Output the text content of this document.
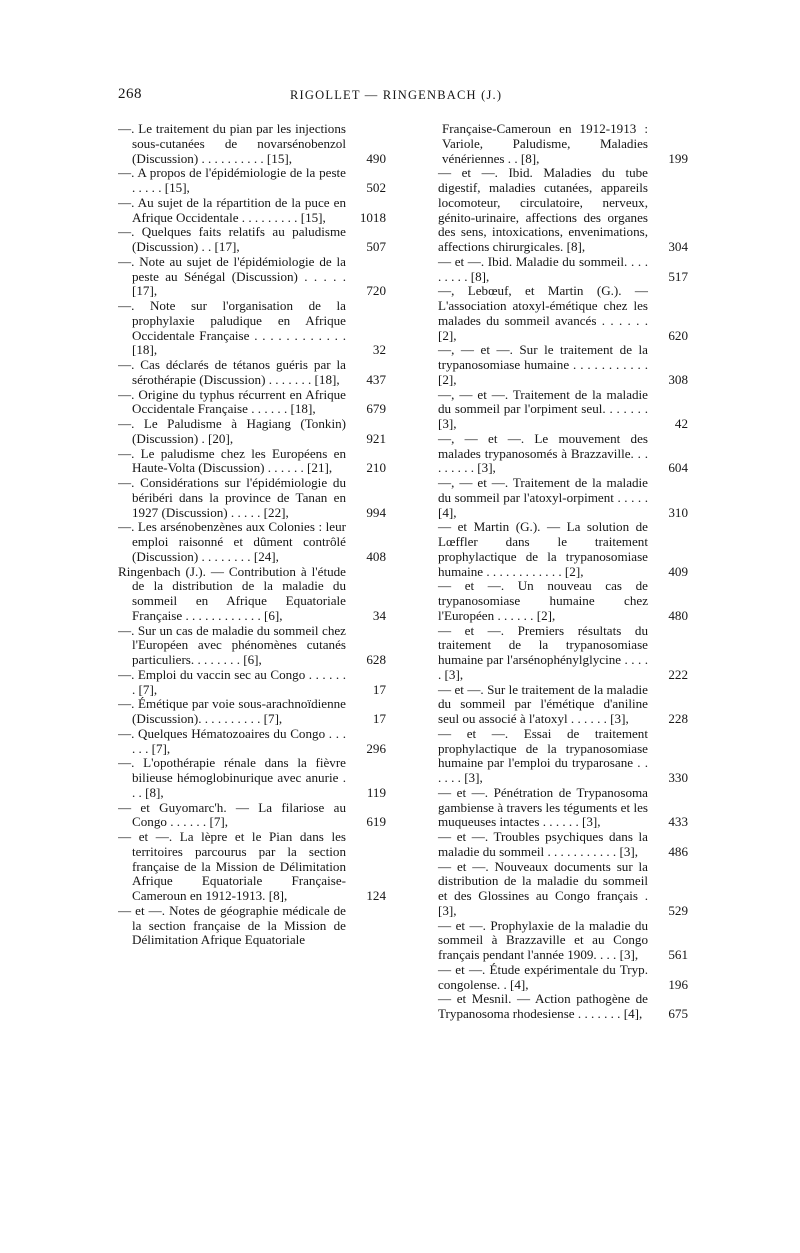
268	RIGOLLET — RINGENBACH (J.)
—. Le traitement du pian par les injections sous-cutanées de novarsénobenzol (Discussion) . . . . . . . . . . [15],	490
—. A propos de l'épidémiologie de la peste . . . . . [15],	502
—. Au sujet de la répartition de la puce en Afrique Occidentale . . . . . . . . . [15],	1018
—. Quelques faits relatifs au paludisme (Discussion) . . [17],	507
—. Note au sujet de l'épidémiologie de la peste au Sénégal (Discussion) . . . . . [17],	720
—. Note sur l'organisation de la prophylaxie paludique en Afrique Occidentale Française . . . . . . . . . . . . [18],	32
—. Cas déclarés de tétanos guéris par la sérothérapie (Discussion) . . . . . . . [18],	437
—. Origine du typhus récurrent en Afrique Occidentale Française . . . . . . [18],	679
—. Le Paludisme à Hagiang (Tonkin) (Discussion) . [20],	921
—. Le paludisme chez les Européens en Haute-Volta (Discussion) . . . . . . [21],	210
—. Considérations sur l'épidémiologie du béribéri dans la province de Tanan en 1927 (Discussion) . . . . . [22],	994
—. Les arsénobenzènes aux Colonies : leur emploi raisonné et dûment contrôlé (Discussion) . . . . . . . . [24],	408
Ringenbach (J.). — Contribution à l'étude de la distribution de la maladie du sommeil en Afrique Equatoriale Française . . . . . . . . . . . . [6],	34
—. Sur un cas de maladie du sommeil chez l'Européen avec phénomènes cutanés particuliers. . . . . . . . [6],	628
—. Emploi du vaccin sec au Congo . . . . . . . [7],	17
—. Émétique par voie sous-arachnoïdienne (Discussion). . . . . . . . . . [7],	17
—. Quelques Hématozoaires du Congo . . . . . . [7],	296
—. L'opothérapie rénale dans la fièvre bilieuse hémoglobinurique avec anurie . . . [8],	119
— et Guyomarc'h. — La filariose au Congo . . . . . . [7],	619
— et —. La lèpre et le Pian dans les territoires parcourus par la section française de la Mission de Délimitation Afrique Equatoriale Française-Cameroun en 1912-1913. [8],	124
— et —. Notes de géographie médicale de la section française de la Mission de Délimitation Afrique Equatoriale
Française-Cameroun en 1912-1913 : Variole, Paludisme, Maladies vénériennes . . [8],	199
— et —. Ibid. Maladies du tube digestif, maladies cutanées, appareils locomoteur, circulatoire, nerveux, génito-urinaire, affections des organes des sens, intoxications, envenimations, affections chirurgicales. [8],	304
— et —. Ibid. Maladie du sommeil. . . . . . . . . [8],	517
—, Lebœuf, et Martin (G.). — L'association atoxyl-émétique chez les malades du sommeil avancés . . . . . . [2],	620
—, — et —. Sur le traitement de la trypanosomiase humaine . . . . . . . . . . . [2],	308
—, — et —. Traitement de la maladie du sommeil par l'orpiment seul. . . . . . . [3],	42
—, — et —. Le mouvement des malades trypanosomés à Brazzaville. . . . . . . . . [3],	604
—, — et —. Traitement de la maladie du sommeil par l'atoxyl-orpiment . . . . . [4],	310
— et Martin (G.). — La solution de Lœffler dans le traitement prophylactique de la trypanosomiase humaine . . . . . . . . . . . . [2],	409
— et —. Un nouveau cas de trypanosomiase humaine chez l'Européen . . . . . . [2],	480
— et —. Premiers résultats du traitement de la trypanosomiase humaine par l'arsénophénylglycine . . . . . [3],	222
— et —. Sur le traitement de la maladie du sommeil par l'émétique d'aniline seul ou associé à l'atoxyl . . . . . . [3],	228
— et —. Essai de traitement prophylactique de la trypanosomiase humaine par l'emploi du tryparosane . . . . . . [3],	330
— et —. Pénétration de Trypanosoma gambiense à travers les téguments et les muqueuses intactes . . . . . . [3],	433
— et —. Troubles psychiques dans la maladie du sommeil . . . . . . . . . . . [3],	486
— et —. Nouveaux documents sur la distribution de la maladie du sommeil et des Glossines au Congo français . [3],	529
— et —. Prophylaxie de la maladie du sommeil à Brazzaville et au Congo français pendant l'année 1909. . . . [3],	561
— et —. Étude expérimentale du Tryp. congolense. . [4],	196
— et Mesnil. — Action pathogène de Trypanosoma rhodesiense . . . . . . . [4],	675
